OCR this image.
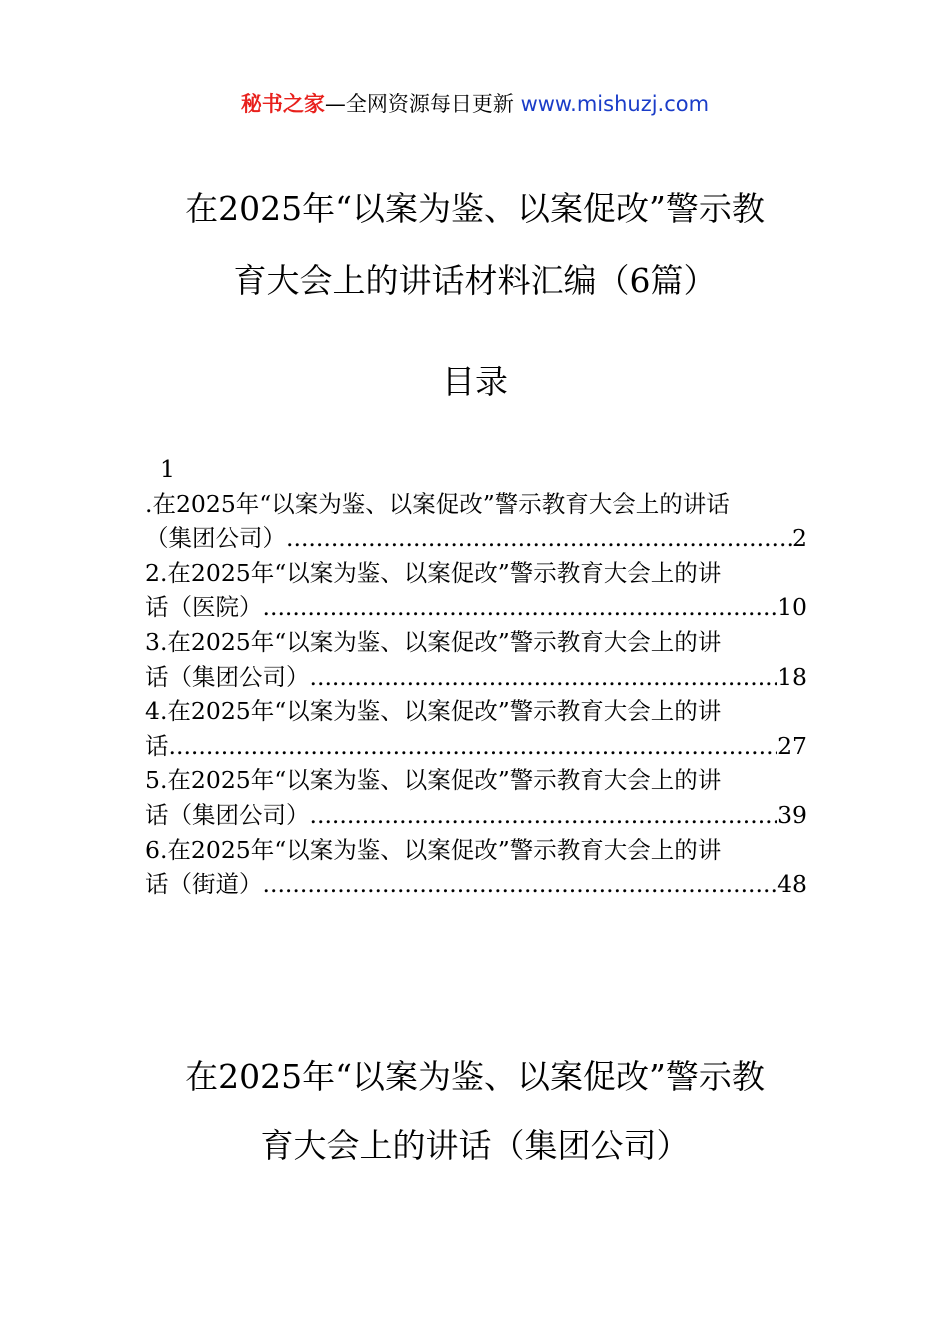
秘书之家—全网资源每日更新 www.mishuzj.com
在2025年“以案为鉴、以案促改”警示教
育大会上的讲话材料汇编（6篇）
目录
1
.在2025年“以案为鉴、以案促改”警示教育大会上的讲话
（集团公司） .....	2
2.在2025年“以案为鉴、以案促改”警示教育大会上的讲
话（医院） .....	10
3.在2025年“以案为鉴、以案促改”警示教育大会上的讲
话（集团公司） .....	18
4.在2025年“以案为鉴、以案促改”警示教育大会上的讲
话 .....	27
5.在2025年“以案为鉴、以案促改”警示教育大会上的讲
话（集团公司） .....	39
6.在2025年“以案为鉴、以案促改”警示教育大会上的讲
话（街道） .....	48
在2025年“以案为鉴、以案促改”警示教
育大会上的讲话（集团公司）
